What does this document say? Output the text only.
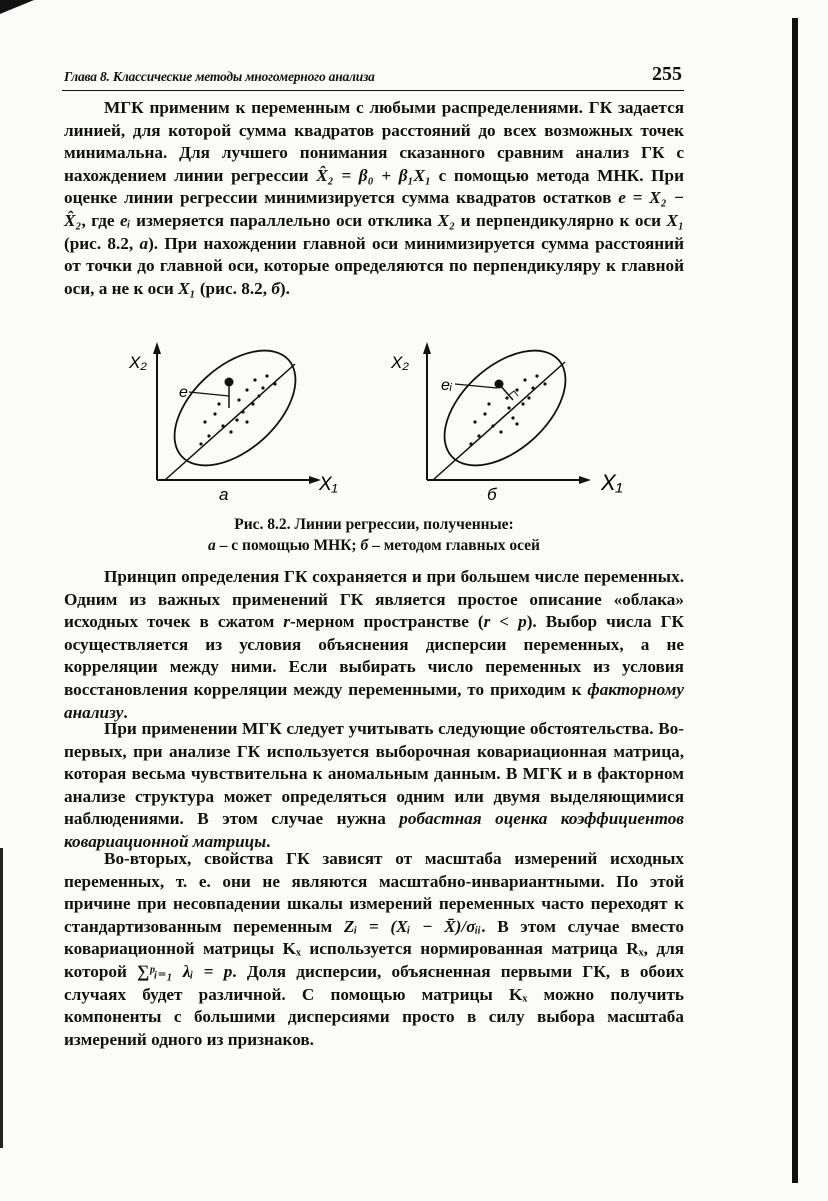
Глава 8. Классические методы многомерного анализа	255

МГК применим к переменным с любыми распределениями. ГК задается линией, для которой сумма квадратов расстояний до всех возможных точек минимальна. Для лучшего понимания сказанного сравним анализ ГК с нахождением линии регрессии X̂₂ = β₀ + β₁X₁ с помощью метода МНК. При оценке линии регрессии минимизируется сумма квадратов остатков e = X₂ − X̂₂, где eᵢ измеряется параллельно оси отклика X₂ и перпендикулярно к оси X₁ (рис. 8.2, а). При нахождении главной оси минимизируется сумма расстояний от точки до главной оси, которые определяются по перпендикуляру к главной оси, а не к оси X₁ (рис. 8.2, б).

X₂
X₁
e
а
X₂
X₁
eᵢ
б
Рис. 8.2. Линии регрессии, полученные:
а – с помощью МНК; б – методом главных осей

Принцип определения ГК сохраняется и при большем числе переменных. Одним из важных применений ГК является простое описание «облака» исходных точек в сжатом r-мерном пространстве (r < p). Выбор числа ГК осуществляется из условия объяснения дисперсии переменных, а не корреляции между ними. Если выбирать число переменных из условия восстановления корреляции между переменными, то приходим к факторному анализу.

При применении МГК следует учитывать следующие обстоятельства. Во-первых, при анализе ГК используется выборочная ковариационная матрица, которая весьма чувствительна к аномальным данным. В МГК и в факторном анализе структура может определяться одним или двумя выделяющимися наблюдениями. В этом случае нужна робастная оценка коэффициентов ковариационной матрицы.

Во-вторых, свойства ГК зависят от масштаба измерений исходных переменных, т. е. они не являются масштабно-инвариантными. По этой причине при несовпадении шкалы измерений переменных часто переходят к стандартизованным переменным Zᵢ = (Xᵢ − X̄)/σᵢᵢ. В этом случае вместо ковариационной матрицы Kₓ используется нормированная матрица Rₓ, для которой ∑ᵖᵢ₌₁ λᵢ = p. Доля дисперсии, объясненная первыми ГК, в обоих случаях будет различной. С помощью матрицы Kₓ можно получить компоненты с большими дисперсиями просто в силу выбора масштаба измерений одного из признаков.
